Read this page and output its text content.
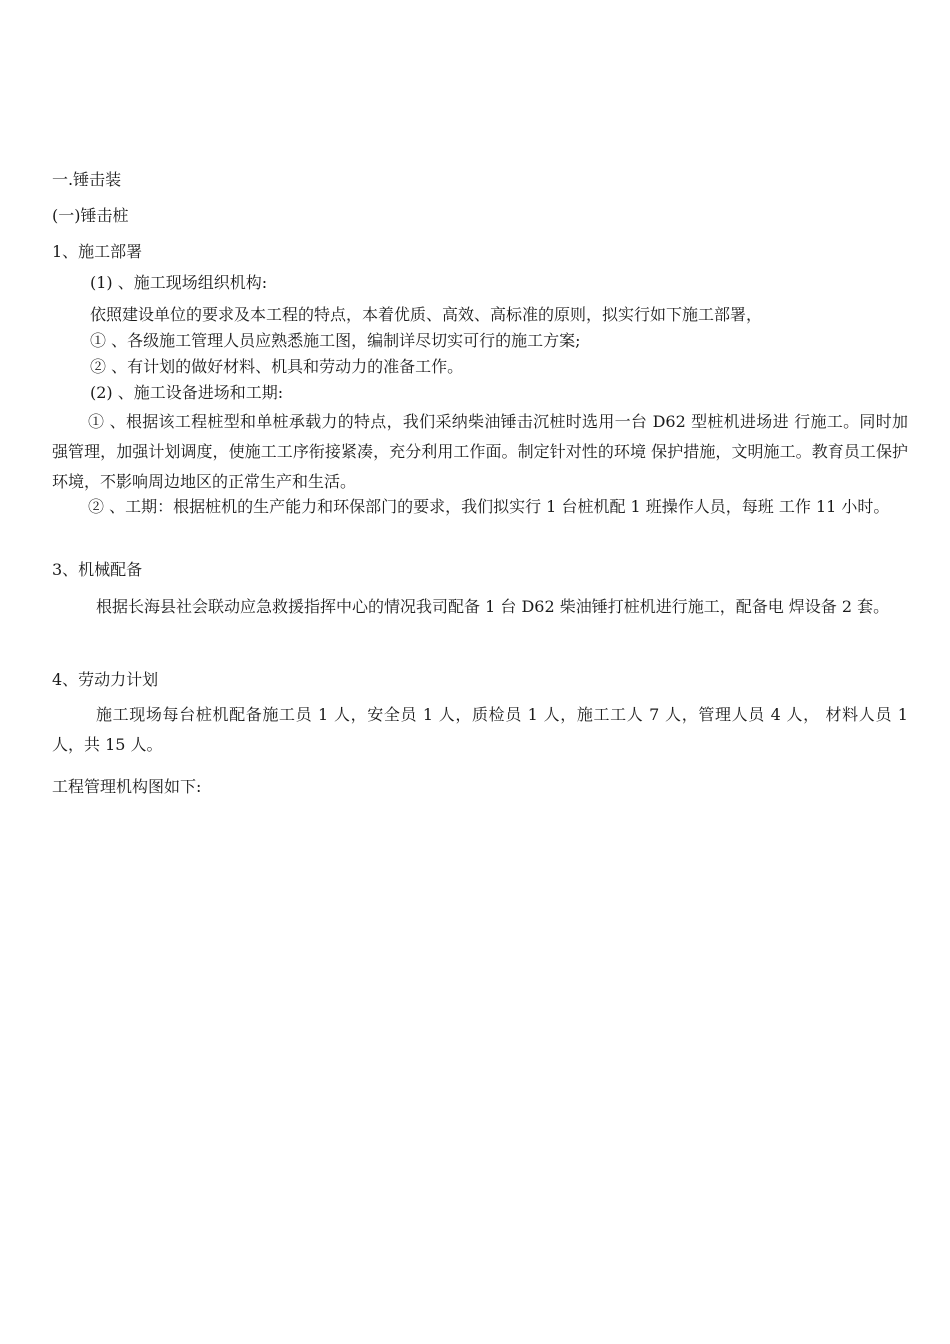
一.锤击装
(一)锤击桩
1、施工部署
(1) 、施工现场组织机构:
依照建设单位的要求及本工程的特点，本着优质、高效、高标准的原则，拟实行如下施工部署，
① 、各级施工管理人员应熟悉施工图，编制详尽切实可行的施工方案;
② 、有计划的做好材料、机具和劳动力的准备工作。
(2) 、施工设备进场和工期:
① 、根据该工程桩型和单桩承载力的特点，我们采纳柴油锤击沉桩时选用一台 D62 型桩机进场进 行施工。同时加强管理，加强计划调度，使施工工序衔接紧凑，充分利用工作面。制定针对性的环境 保护措施，文明施工。教育员工保护环境，不影响周边地区的正常生产和生活。
② 、工期：根据桩机的生产能力和环保部门的要求，我们拟实行 1 台桩机配 1 班操作人员，每班 工作 11 小时。
3、机械配备
根据长海县社会联动应急救援指挥中心的情况我司配备 1 台 D62 柴油锤打桩机进行施工，配备电 焊设备 2 套。
4、劳动力计划
施工现场每台桩机配备施工员 1 人，安全员 1 人，质检员 1 人，施工工人 7 人，管理人员 4 人， 材料人员 1 人，共 15 人。
工程管理机构图如下:
